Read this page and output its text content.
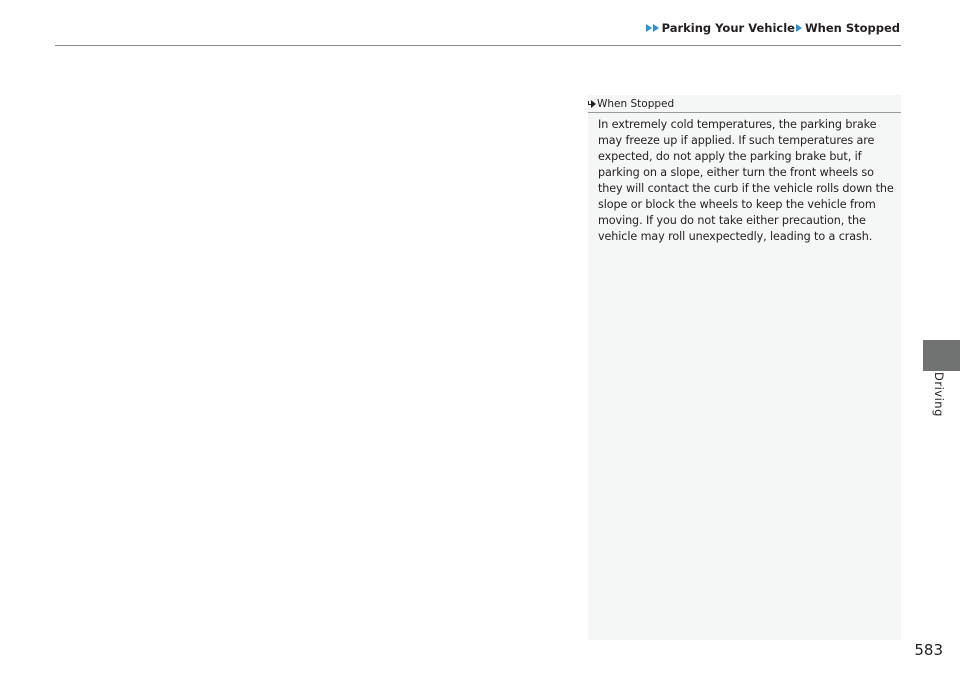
Parking Your Vehicle When Stopped
When Stopped
In extremely cold temperatures, the parking brake
may freeze up if applied. If such temperatures are
expected, do not apply the parking brake but, if
parking on a slope, either turn the front wheels so
they will contact the curb if the vehicle rolls down the
slope or block the wheels to keep the vehicle from
moving. If you do not take either precaution, the
vehicle may roll unexpectedly, leading to a crash.
Driving
583
